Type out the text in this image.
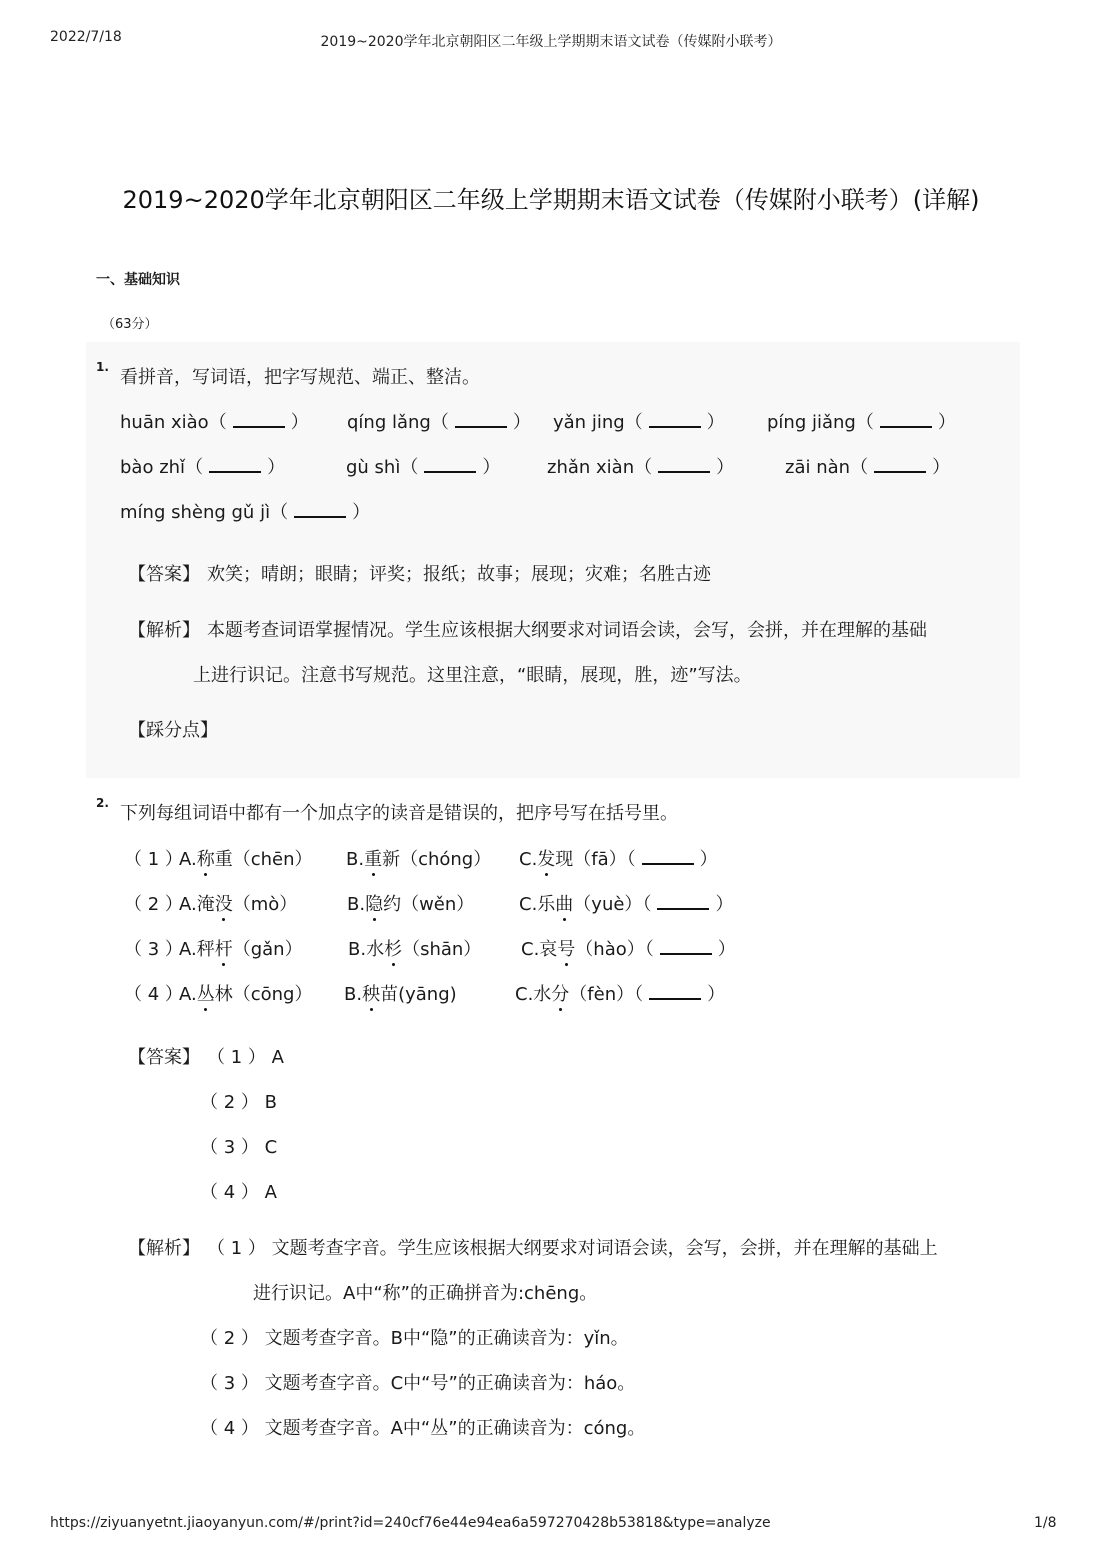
2022/7/18	2019~2020学年北京朝阳区二年级上学期期末语文试卷（传媒附小联考）
2019~2020学年北京朝阳区二年级上学期期末语文试卷（传媒附小联考）(详解)
一、基础知识
（63分）
1. 看拼音，写词语，把字写规范、端正、整洁。
huān xiào（	） qíng lǎng（	） yǎn jing（	） píng jiǎng（	）
bào zhǐ（	）	gù shì（	）	zhǎn xiàn（	）	zāi nàn（	）
míng shèng gǔ jì（	）
【答案】 欢笑；晴朗；眼睛；评奖；报纸；故事；展现；灾难；名胜古迹
【解析】 本题考查词语掌握情况。学生应该根据大纲要求对词语会读，会写，会拼，并在理解的基础
上进行识记。注意书写规范。这里注意，“眼睛，展现，胜，迹”写法。
【踩分点】
2. 下列每组词语中都有一个加点字的读音是错误的，把序号写在括号里。
（ 1 ）
A.称重（chēn） B.重新（chóng） C.发现（fā）（	）
（ 2 ）
A.淹没（mò）	B.隐约（wěn） C.乐曲（yuè）（	）
（ 3 ）
A.秤杆（gǎn）	B.水杉（shān） C.哀号（hào）（	）
（ 4 ）
A.丛林（cōng） B.秧苗(yāng)	C.水分（fèn）（	）
【答案】 （ 1 ） A
（ 2 ） B
（ 3 ） C
（ 4 ） A
【解析】 （ 1 ） 文题考查字音。学生应该根据大纲要求对词语会读，会写，会拼，并在理解的基础上
进行识记。A中“称”的正确拼音为:chēng。
（ 2 ） 文题考查字音。B中“隐”的正确读音为：yǐn。
（ 3 ） 文题考查字音。C中“号”的正确读音为：háo。
（ 4 ） 文题考查字音。A中“丛”的正确读音为：cóng。
https://ziyuanyetnt.jiaoyanyun.com/#/print?id=240cf76e44e94ea6a597270428b53818&type=analyze	1/8
